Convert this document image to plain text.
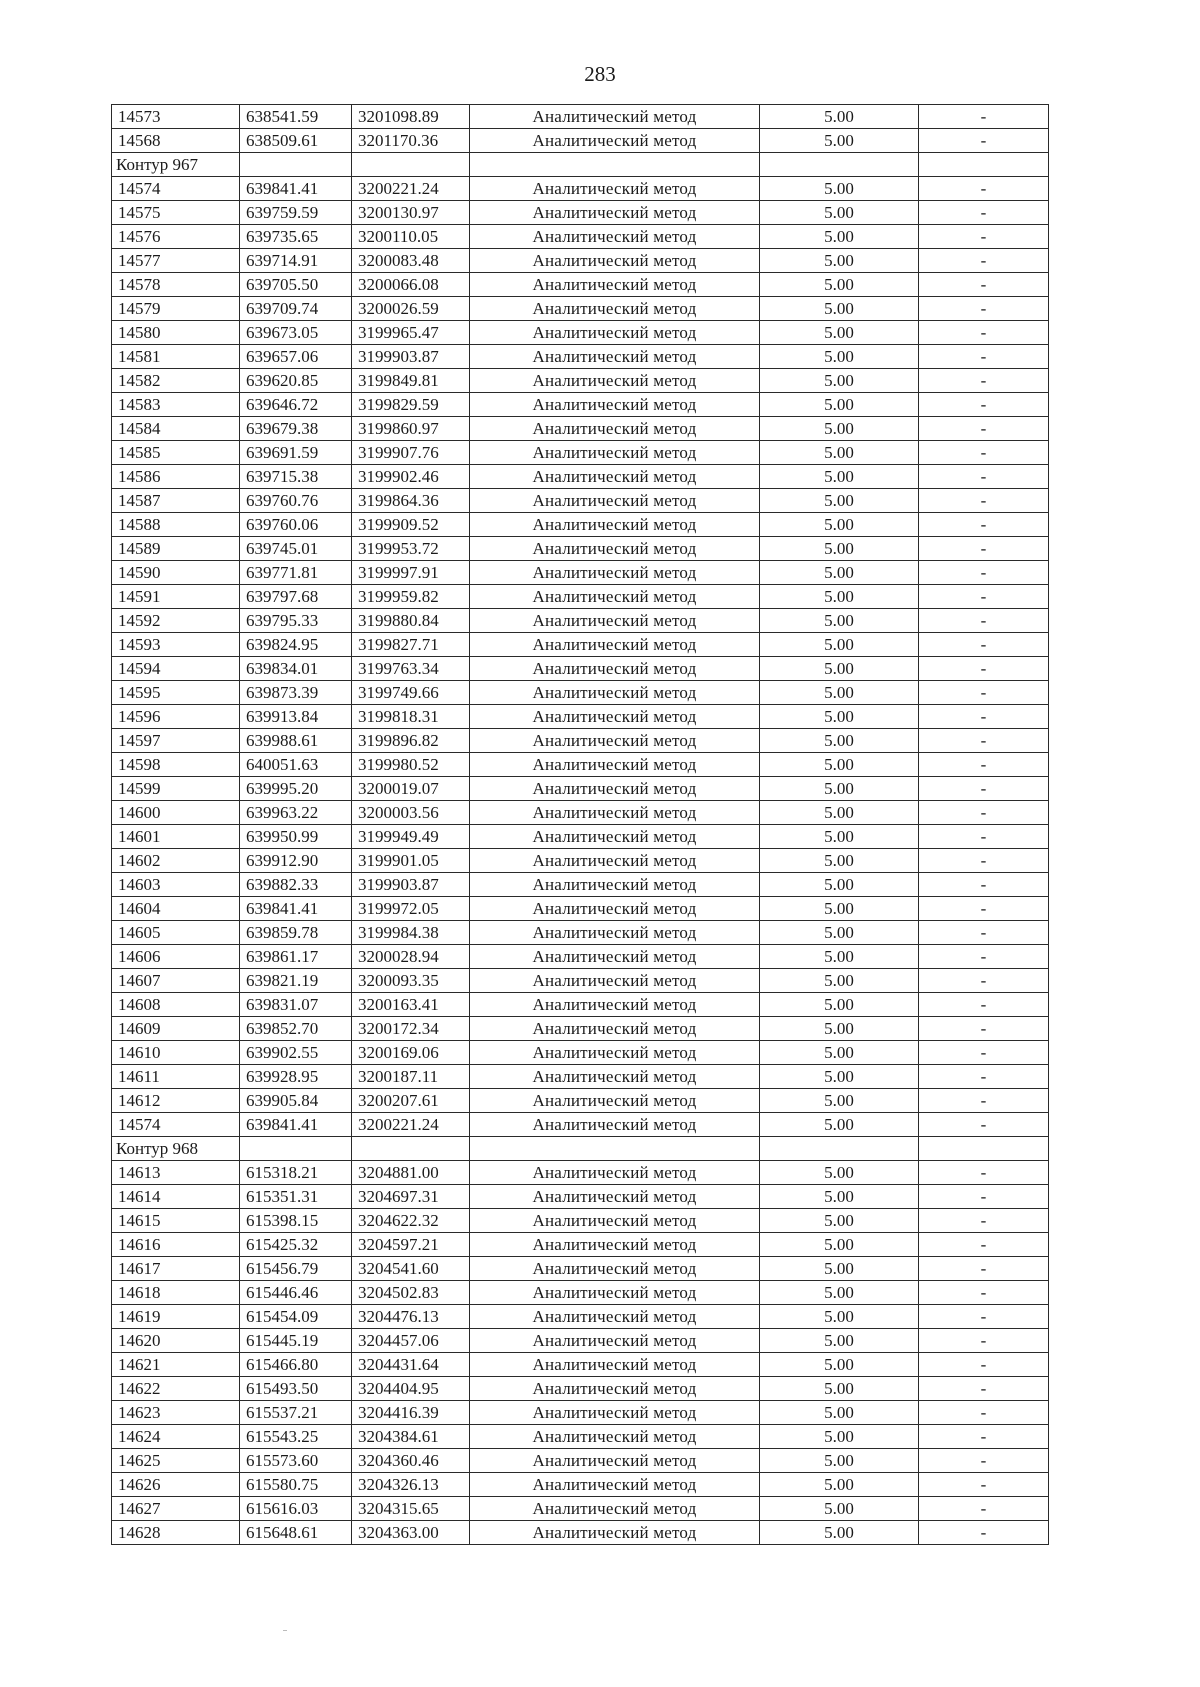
283
14573	638541.59	3201098.89	Аналитический метод	5.00	-
14568	638509.61	3201170.36	Аналитический метод	5.00	-
Контур 967					
14574	639841.41	3200221.24	Аналитический метод	5.00	-
14575	639759.59	3200130.97	Аналитический метод	5.00	-
14576	639735.65	3200110.05	Аналитический метод	5.00	-
14577	639714.91	3200083.48	Аналитический метод	5.00	-
14578	639705.50	3200066.08	Аналитический метод	5.00	-
14579	639709.74	3200026.59	Аналитический метод	5.00	-
14580	639673.05	3199965.47	Аналитический метод	5.00	-
14581	639657.06	3199903.87	Аналитический метод	5.00	-
14582	639620.85	3199849.81	Аналитический метод	5.00	-
14583	639646.72	3199829.59	Аналитический метод	5.00	-
14584	639679.38	3199860.97	Аналитический метод	5.00	-
14585	639691.59	3199907.76	Аналитический метод	5.00	-
14586	639715.38	3199902.46	Аналитический метод	5.00	-
14587	639760.76	3199864.36	Аналитический метод	5.00	-
14588	639760.06	3199909.52	Аналитический метод	5.00	-
14589	639745.01	3199953.72	Аналитический метод	5.00	-
14590	639771.81	3199997.91	Аналитический метод	5.00	-
14591	639797.68	3199959.82	Аналитический метод	5.00	-
14592	639795.33	3199880.84	Аналитический метод	5.00	-
14593	639824.95	3199827.71	Аналитический метод	5.00	-
14594	639834.01	3199763.34	Аналитический метод	5.00	-
14595	639873.39	3199749.66	Аналитический метод	5.00	-
14596	639913.84	3199818.31	Аналитический метод	5.00	-
14597	639988.61	3199896.82	Аналитический метод	5.00	-
14598	640051.63	3199980.52	Аналитический метод	5.00	-
14599	639995.20	3200019.07	Аналитический метод	5.00	-
14600	639963.22	3200003.56	Аналитический метод	5.00	-
14601	639950.99	3199949.49	Аналитический метод	5.00	-
14602	639912.90	3199901.05	Аналитический метод	5.00	-
14603	639882.33	3199903.87	Аналитический метод	5.00	-
14604	639841.41	3199972.05	Аналитический метод	5.00	-
14605	639859.78	3199984.38	Аналитический метод	5.00	-
14606	639861.17	3200028.94	Аналитический метод	5.00	-
14607	639821.19	3200093.35	Аналитический метод	5.00	-
14608	639831.07	3200163.41	Аналитический метод	5.00	-
14609	639852.70	3200172.34	Аналитический метод	5.00	-
14610	639902.55	3200169.06	Аналитический метод	5.00	-
14611	639928.95	3200187.11	Аналитический метод	5.00	-
14612	639905.84	3200207.61	Аналитический метод	5.00	-
14574	639841.41	3200221.24	Аналитический метод	5.00	-
Контур 968					
14613	615318.21	3204881.00	Аналитический метод	5.00	-
14614	615351.31	3204697.31	Аналитический метод	5.00	-
14615	615398.15	3204622.32	Аналитический метод	5.00	-
14616	615425.32	3204597.21	Аналитический метод	5.00	-
14617	615456.79	3204541.60	Аналитический метод	5.00	-
14618	615446.46	3204502.83	Аналитический метод	5.00	-
14619	615454.09	3204476.13	Аналитический метод	5.00	-
14620	615445.19	3204457.06	Аналитический метод	5.00	-
14621	615466.80	3204431.64	Аналитический метод	5.00	-
14622	615493.50	3204404.95	Аналитический метод	5.00	-
14623	615537.21	3204416.39	Аналитический метод	5.00	-
14624	615543.25	3204384.61	Аналитический метод	5.00	-
14625	615573.60	3204360.46	Аналитический метод	5.00	-
14626	615580.75	3204326.13	Аналитический метод	5.00	-
14627	615616.03	3204315.65	Аналитический метод	5.00	-
14628	615648.61	3204363.00	Аналитический метод	5.00	-
